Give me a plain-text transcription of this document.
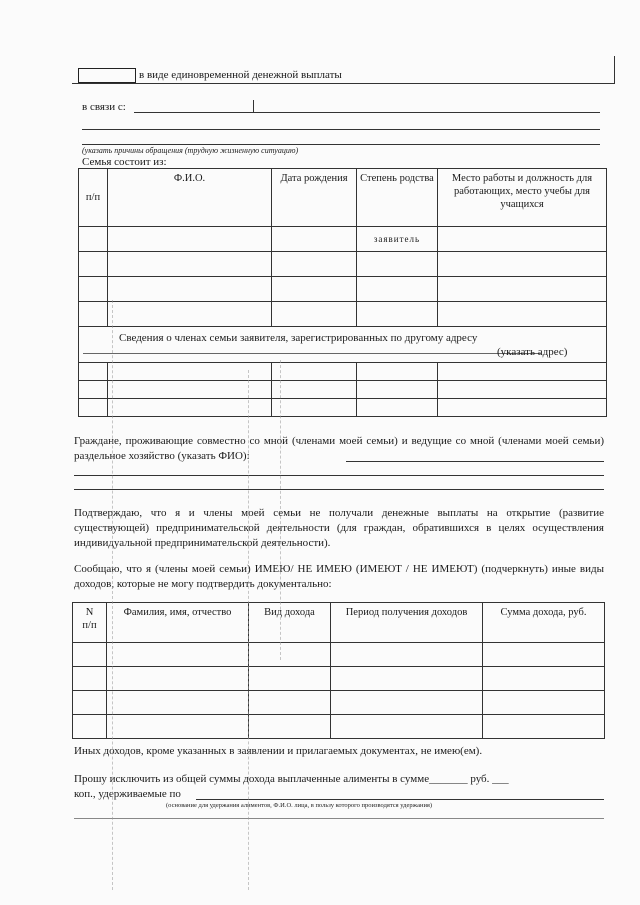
в виде единовременной денежной выплаты
в связи с:
(указать причины обращения (трудную жизненную ситуацию)
Семья состоит из:
п/п	Ф.И.О.	Дата рождения	Степень родства	Место работы и должность для работающих, место учебы для учащихся
			заявитель	

Сведения о членах семьи заявителя, зарегистрированных по другому адресу
(указать адрес)				

Граждане, проживающие совместно со мной (членами моей семьи) и ведущие со мной (членами моей семьи) раздельное хозяйство (указать ФИО):
Подтверждаю, что я и члены моей семьи не получали денежные выплаты на открытие (развитие существующей) предпринимательской деятельности (для граждан, обратившихся в целях осуществления индивидуальной предпринимательской деятельности).
Сообщаю, что я (члены моей семьи) ИМЕЮ/ НЕ ИМЕЮ (ИМЕЮТ / НЕ ИМЕЮТ) (подчеркнуть) иные виды доходов, которые не могу подтвердить документально:
N
п/п	Фамилия, имя, отчество	Вид дохода	Период получения доходов	Сумма дохода, руб.

Иных доходов, кроме указанных в заявлении и прилагаемых документах, не имею(ем).
Прошу исключить из общей суммы дохода выплаченные алименты в сумме_______ руб. ___
коп., удерживаемые по
(основание для удержания алиментов, Ф.И.О. лица, в пользу которого производятся удержания)
